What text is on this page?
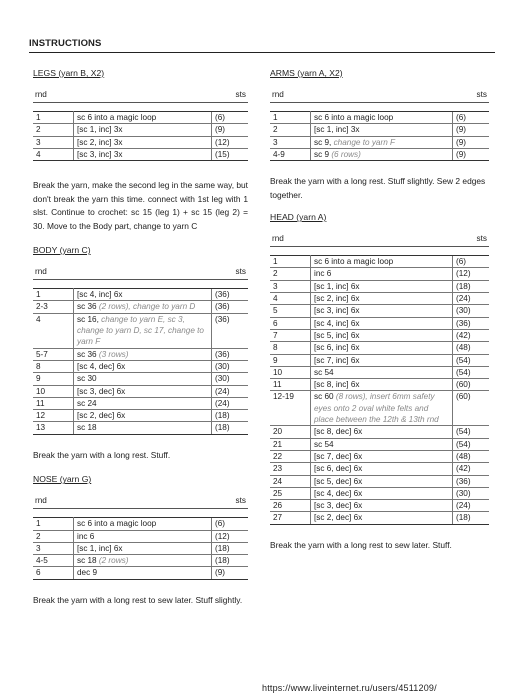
INSTRUCTIONS
LEGS (yarn B, X2)
rnd	sts
1	sc 6 into a magic loop	(6)
2	[sc 1, inc] 3x	(9)
3	[sc 2, inc] 3x	(12)
4	[sc 3, inc] 3x	(15)

Break the yarn, make the second leg in the same way, but don't break the yarn this time. connect with 1st leg with 1 slst. Continue to crochet: sc 15 (leg 1) + sc 15 (leg 2) = 30. Move to the Body part, change to yarn C

BODY (yarn C)
rnd	sts
1	[sc 4, inc] 6x	(36)
2-3	sc 36 (2 rows), change to yarn D	(36)
4	sc 16, change to yarn E, sc 3, change to yarn D, sc 17, change to yarn F	(36)
5-7	sc 36 (3 rows)	(36)
8	[sc 4, dec] 6x	(30)
9	sc 30	(30)
10	[sc 3, dec] 6x	(24)
11	sc 24	(24)
12	[sc 2, dec] 6x	(18)
13	sc 18	(18)

Break the yarn with a long rest. Stuff.

NOSE (yarn G)
rnd	sts
1	sc 6 into a magic loop	(6)
2	inc 6	(12)
3	[sc 1, inc] 6x	(18)
4-5	sc 18 (2 rows)	(18)
6	dec 9	(9)

Break the yarn with a long rest to sew later. Stuff slightly.

ARMS (yarn A, X2)
rnd	sts
1	sc 6 into a magic loop	(6)
2	[sc 1, inc] 3x	(9)
3	sc 9, change to yarn F	(9)
4-9	sc 9 (6 rows)	(9)

Break the yarn with a long rest. Stuff slightly. Sew 2 edges together.

HEAD (yarn A)
rnd	sts
1	sc 6 into a magic loop	(6)
2	inc 6	(12)
3	[sc 1, inc] 6x	(18)
4	[sc 2, inc] 6x	(24)
5	[sc 3, inc] 6x	(30)
6	[sc 4, inc] 6x	(36)
7	[sc 5, inc] 6x	(42)
8	[sc 6, inc] 6x	(48)
9	[sc 7, inc] 6x	(54)
10	sc 54	(54)
11	[sc 8, inc] 6x	(60)
12-19	sc 60 (8 rows), insert 6mm safety eyes onto 2 oval white felts and place between the 12th & 13th rnd	(60)
20	[sc 8, dec] 6x	(54)
21	sc 54	(54)
22	[sc 7, dec] 6x	(48)
23	[sc 6, dec] 6x	(42)
24	[sc 5, dec] 6x	(36)
25	[sc 4, dec] 6x	(30)
26	[sc 3, dec] 6x	(24)
27	[sc 2, dec] 6x	(18)

Break the yarn with a long rest to sew later. Stuff.

https://www.liveinternet.ru/users/4511209/
